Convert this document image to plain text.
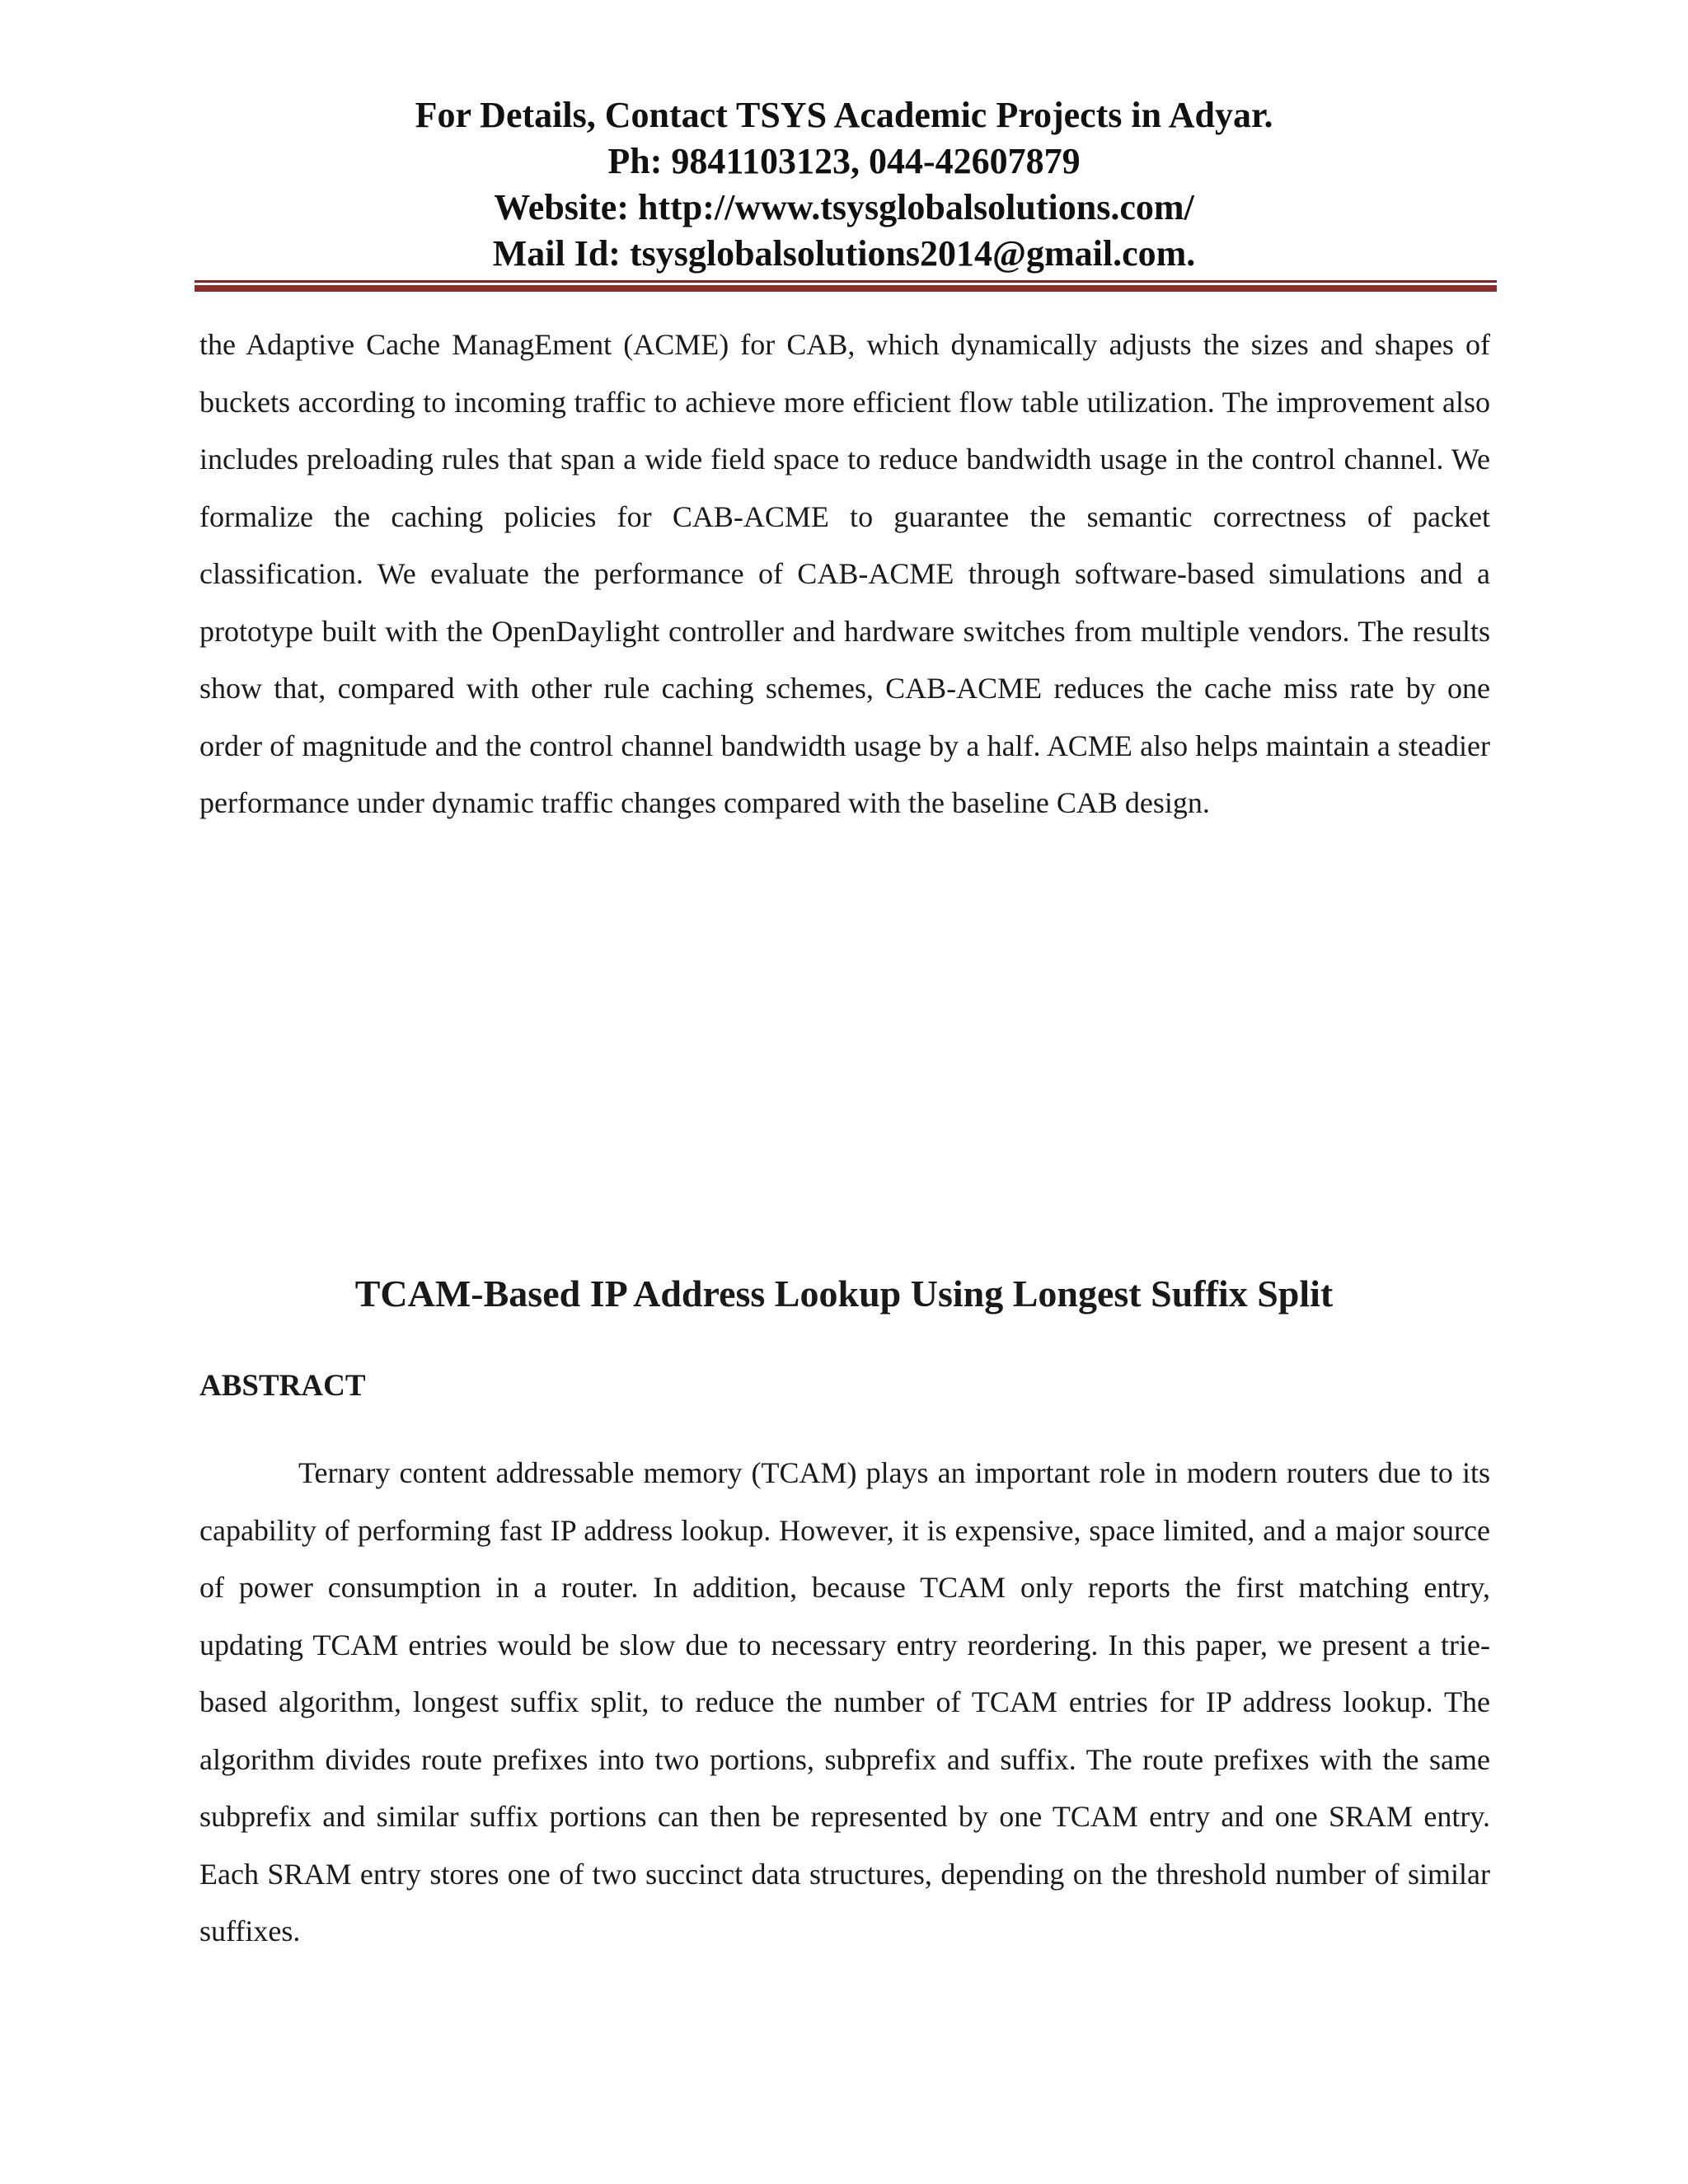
For Details, Contact TSYS Academic Projects in Adyar.
Ph: 9841103123, 044-42607879
Website: http://www.tsysglobalsolutions.com/
Mail Id: tsysglobalsolutions2014@gmail.com.

the Adaptive Cache ManagEment (ACME) for CAB, which dynamically adjusts the sizes and shapes of buckets according to incoming traffic to achieve more efficient flow table utilization. The improvement also includes preloading rules that span a wide field space to reduce bandwidth usage in the control channel. We formalize the caching policies for CAB-ACME to guarantee the semantic correctness of packet classification. We evaluate the performance of CAB-ACME through software-based simulations and a prototype built with the OpenDaylight controller and hardware switches from multiple vendors. The results show that, compared with other rule caching schemes, CAB-ACME reduces the cache miss rate by one order of magnitude and the control channel bandwidth usage by a half. ACME also helps maintain a steadier performance under dynamic traffic changes compared with the baseline CAB design.

TCAM-Based IP Address Lookup Using Longest Suffix Split
ABSTRACT

Ternary content addressable memory (TCAM) plays an important role in modern routers due to its capability of performing fast IP address lookup. However, it is expensive, space limited, and a major source of power consumption in a router. In addition, because TCAM only reports the first matching entry, updating TCAM entries would be slow due to necessary entry reordering. In this paper, we present a trie-based algorithm, longest suffix split, to reduce the number of TCAM entries for IP address lookup. The algorithm divides route prefixes into two portions, subprefix and suffix. The route prefixes with the same subprefix and similar suffix portions can then be represented by one TCAM entry and one SRAM entry. Each SRAM entry stores one of two succinct data structures, depending on the threshold number of similar suffixes.
